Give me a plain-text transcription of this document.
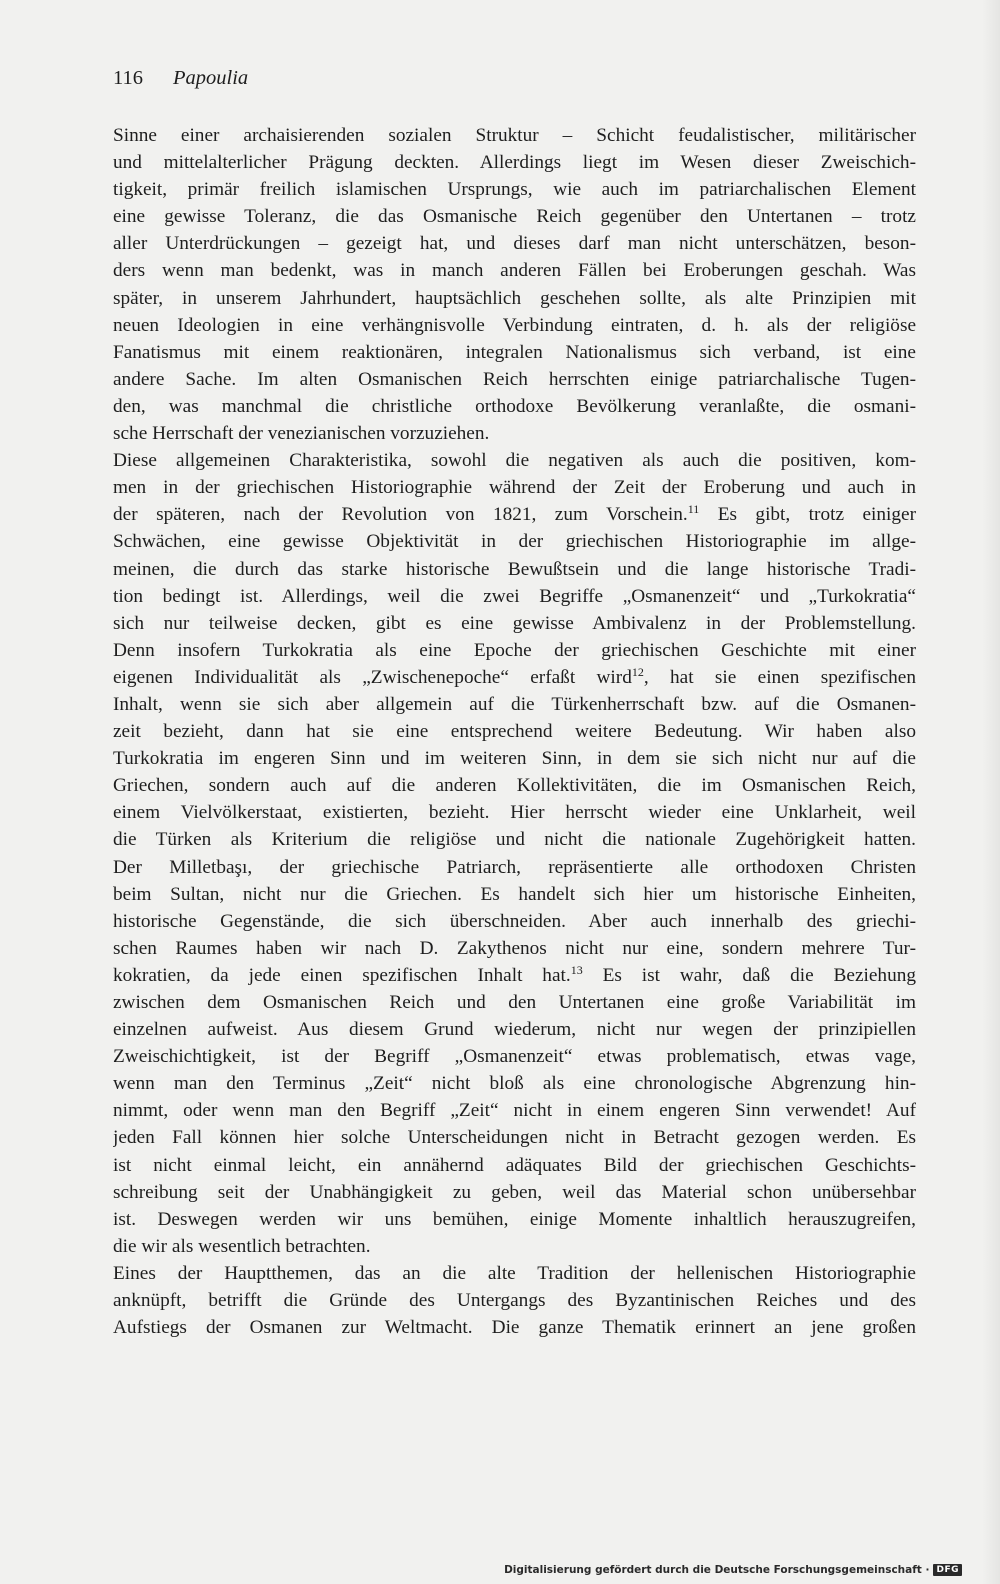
116 Papoulia
Sinne einer archaisierenden sozialen Struktur – Schicht feudalistischer, militärischer
und mittelalterlicher Prägung deckten. Allerdings liegt im Wesen dieser Zweischich-
tigkeit, primär freilich islamischen Ursprungs, wie auch im patriarchalischen Element
eine gewisse Toleranz, die das Osmanische Reich gegenüber den Untertanen – trotz
aller Unterdrückungen – gezeigt hat, und dieses darf man nicht unterschätzen, beson-
ders wenn man bedenkt, was in manch anderen Fällen bei Eroberungen geschah. Was
später, in unserem Jahrhundert, hauptsächlich geschehen sollte, als alte Prinzipien mit
neuen Ideologien in eine verhängnisvolle Verbindung eintraten, d. h. als der religiöse
Fanatismus mit einem reaktionären, integralen Nationalismus sich verband, ist eine
andere Sache. Im alten Osmanischen Reich herrschten einige patriarchalische Tugen-
den, was manchmal die christliche orthodoxe Bevölkerung veranlaßte, die osmani-
sche Herrschaft der venezianischen vorzuziehen.
Diese allgemeinen Charakteristika, sowohl die negativen als auch die positiven, kom-
men in der griechischen Historiographie während der Zeit der Eroberung und auch in
der späteren, nach der Revolution von 1821, zum Vorschein.$^{11}$ Es gibt, trotz einiger
Schwächen, eine gewisse Objektivität in der griechischen Historiographie im allge-
meinen, die durch das starke historische Bewußtsein und die lange historische Tradi-
tion bedingt ist. Allerdings, weil die zwei Begriffe „Osmanenzeit“ und „Turkokratia“
sich nur teilweise decken, gibt es eine gewisse Ambivalenz in der Problemstellung.
Denn insofern Turkokratia als eine Epoche der griechischen Geschichte mit einer
eigenen Individualität als „Zwischenepoche“ erfaßt wird$^{12}$, hat sie einen spezifischen
Inhalt, wenn sie sich aber allgemein auf die Türkenherrschaft bzw. auf die Osmanen-
zeit bezieht, dann hat sie eine entsprechend weitere Bedeutung. Wir haben also
Turkokratia im engeren Sinn und im weiteren Sinn, in dem sie sich nicht nur auf die
Griechen, sondern auch auf die anderen Kollektivitäten, die im Osmanischen Reich,
einem Vielvölkerstaat, existierten, bezieht. Hier herrscht wieder eine Unklarheit, weil
die Türken als Kriterium die religiöse und nicht die nationale Zugehörigkeit hatten.
Der Milletbaşı, der griechische Patriarch, repräsentierte alle orthodoxen Christen
beim Sultan, nicht nur die Griechen. Es handelt sich hier um historische Einheiten,
historische Gegenstände, die sich überschneiden. Aber auch innerhalb des griechi-
schen Raumes haben wir nach D. Zakythenos nicht nur eine, sondern mehrere Tur-
kokratien, da jede einen spezifischen Inhalt hat.$^{13}$ Es ist wahr, daß die Beziehung
zwischen dem Osmanischen Reich und den Untertanen eine große Variabilität im
einzelnen aufweist. Aus diesem Grund wiederum, nicht nur wegen der prinzipiellen
Zweischichtigkeit, ist der Begriff „Osmanenzeit“ etwas problematisch, etwas vage,
wenn man den Terminus „Zeit“ nicht bloß als eine chronologische Abgrenzung hin-
nimmt, oder wenn man den Begriff „Zeit“ nicht in einem engeren Sinn verwendet! Auf
jeden Fall können hier solche Unterscheidungen nicht in Betracht gezogen werden. Es
ist nicht einmal leicht, ein annähernd adäquates Bild der griechischen Geschichts-
schreibung seit der Unabhängigkeit zu geben, weil das Material schon unübersehbar
ist. Deswegen werden wir uns bemühen, einige Momente inhaltlich herauszugreifen,
die wir als wesentlich betrachten.
Eines der Hauptthemen, das an die alte Tradition der hellenischen Historiographie
anknüpft, betrifft die Gründe des Untergangs des Byzantinischen Reiches und des
Aufstiegs der Osmanen zur Weltmacht. Die ganze Thematik erinnert an jene großen
Digitalisierung gefördert durch die Deutsche Forschungsgemeinschaft · DFG
